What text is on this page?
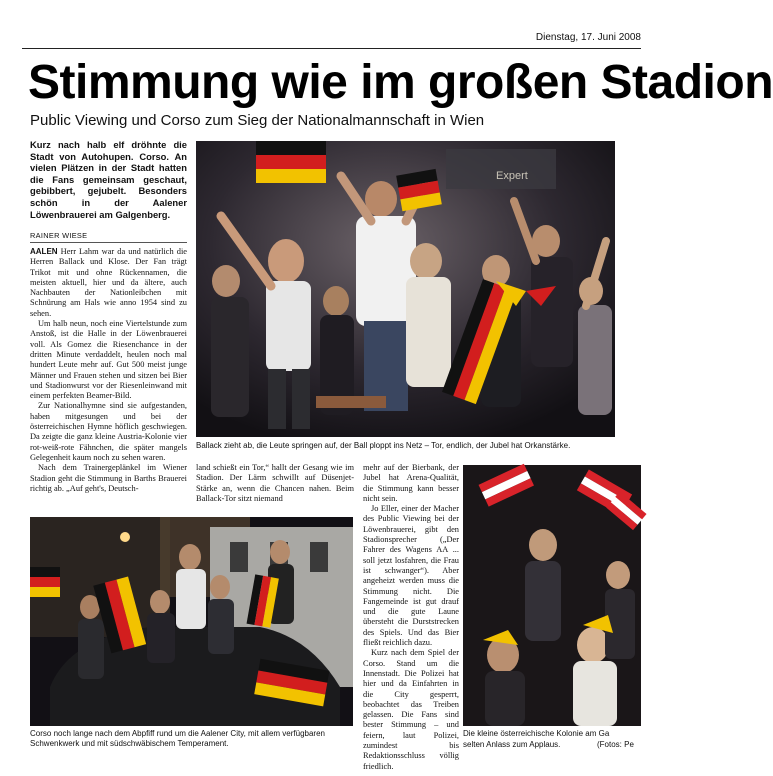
Dienstag, 17. Juni 2008
Stimmung wie im großen Stadion
Public Viewing und Corso zum Sieg der Nationalmannschaft in Wien
Kurz nach halb elf dröhnte die Stadt von Autohupen. Corso. An vielen Plätzen in der Stadt hatten die Fans gemeinsam geschaut, gebibbert, gejubelt. Besonders schön in der Aalener Löwenbrauerei am Galgenberg.
RAINER WIESE

AALEN Herr Lahm war da und natürlich die Herren Ballack und Klose. Der Fan trägt Trikot mit und ohne Rückennamen, die meisten aktuell, hier und da ältere, auch Nachbauten der Nationleibchen mit Schnürung am Hals wie anno 1954 sind zu sehen.

Um halb neun, noch eine Viertelstunde zum Anstoß, ist die Halle in der Löwenbrauerei voll. Als Gomez die Riesenchance in der dritten Minute verdaddelt, heulen noch mal hundert Leute mehr auf. Gut 500 meist junge Männer und Frauen stehen und sitzen bei Bier und Stadionwurst vor der Riesenleinwand mit einem perfekten Beamer-Bild.

Zur Nationalhymne sind sie aufgestanden, haben mitgesungen und bei der österreichischen Hymne höflich geschwiegen. Da zeigte die ganz kleine Austria-Kolonie vier rot-weiß-rote Fähnchen, die später mangels Gelegenheit kaum noch zu sehen waren.

Nach dem Trainergeplänkel im Wiener Stadion geht die Stimmung in Barths Brauerei richtig ab. „Auf geht's, Deutsch-

Expert
Ballack zieht ab, die Leute springen auf, der Ball ploppt ins Netz – Tor, endlich, der Jubel hat Orkanstärke.

land schießt ein Tor,“ hallt der Gesang wie im Stadion. Der Lärm schwillt auf Düsenjet-Stärke an, wenn die Chancen nahen. Beim Ballack-Tor sitzt niemand

mehr auf der Bierbank, der Jubel hat Arena-Qualität, die Stimmung kann besser nicht sein.

Jo Eller, einer der Macher des Public Viewing bei der Löwenbrauerei, gibt den Stadionsprecher („Der Fahrer des Wagens AA ... soll jetzt losfahren, die Frau ist schwanger“). Aber angeheizt werden muss die Stimmung nicht. Die Fangemeinde ist gut drauf und die gute Laune übersteht die Durststrecken des Spiels. Und das Bier fließt reichlich dazu.

Kurz nach dem Spiel der Corso. Stand um die Innenstadt. Die Polizei hat hier und da Einfahrten in die City gesperrt, beobachtet das Treiben gelassen. Die Fans sind bester Stimmung – und feiern, laut Polizei, zumindest bis Redaktionsschluss völlig friedlich.

Corso noch lange nach dem Abpfiff rund um die Aalener City, mit allem verfügbaren Schwenkwerk und mit südschwäbischem Temperament.
Die kleine österreichische Kolonie am Ga
selten Anlass zum Applaus.	(Fotos: Pe
